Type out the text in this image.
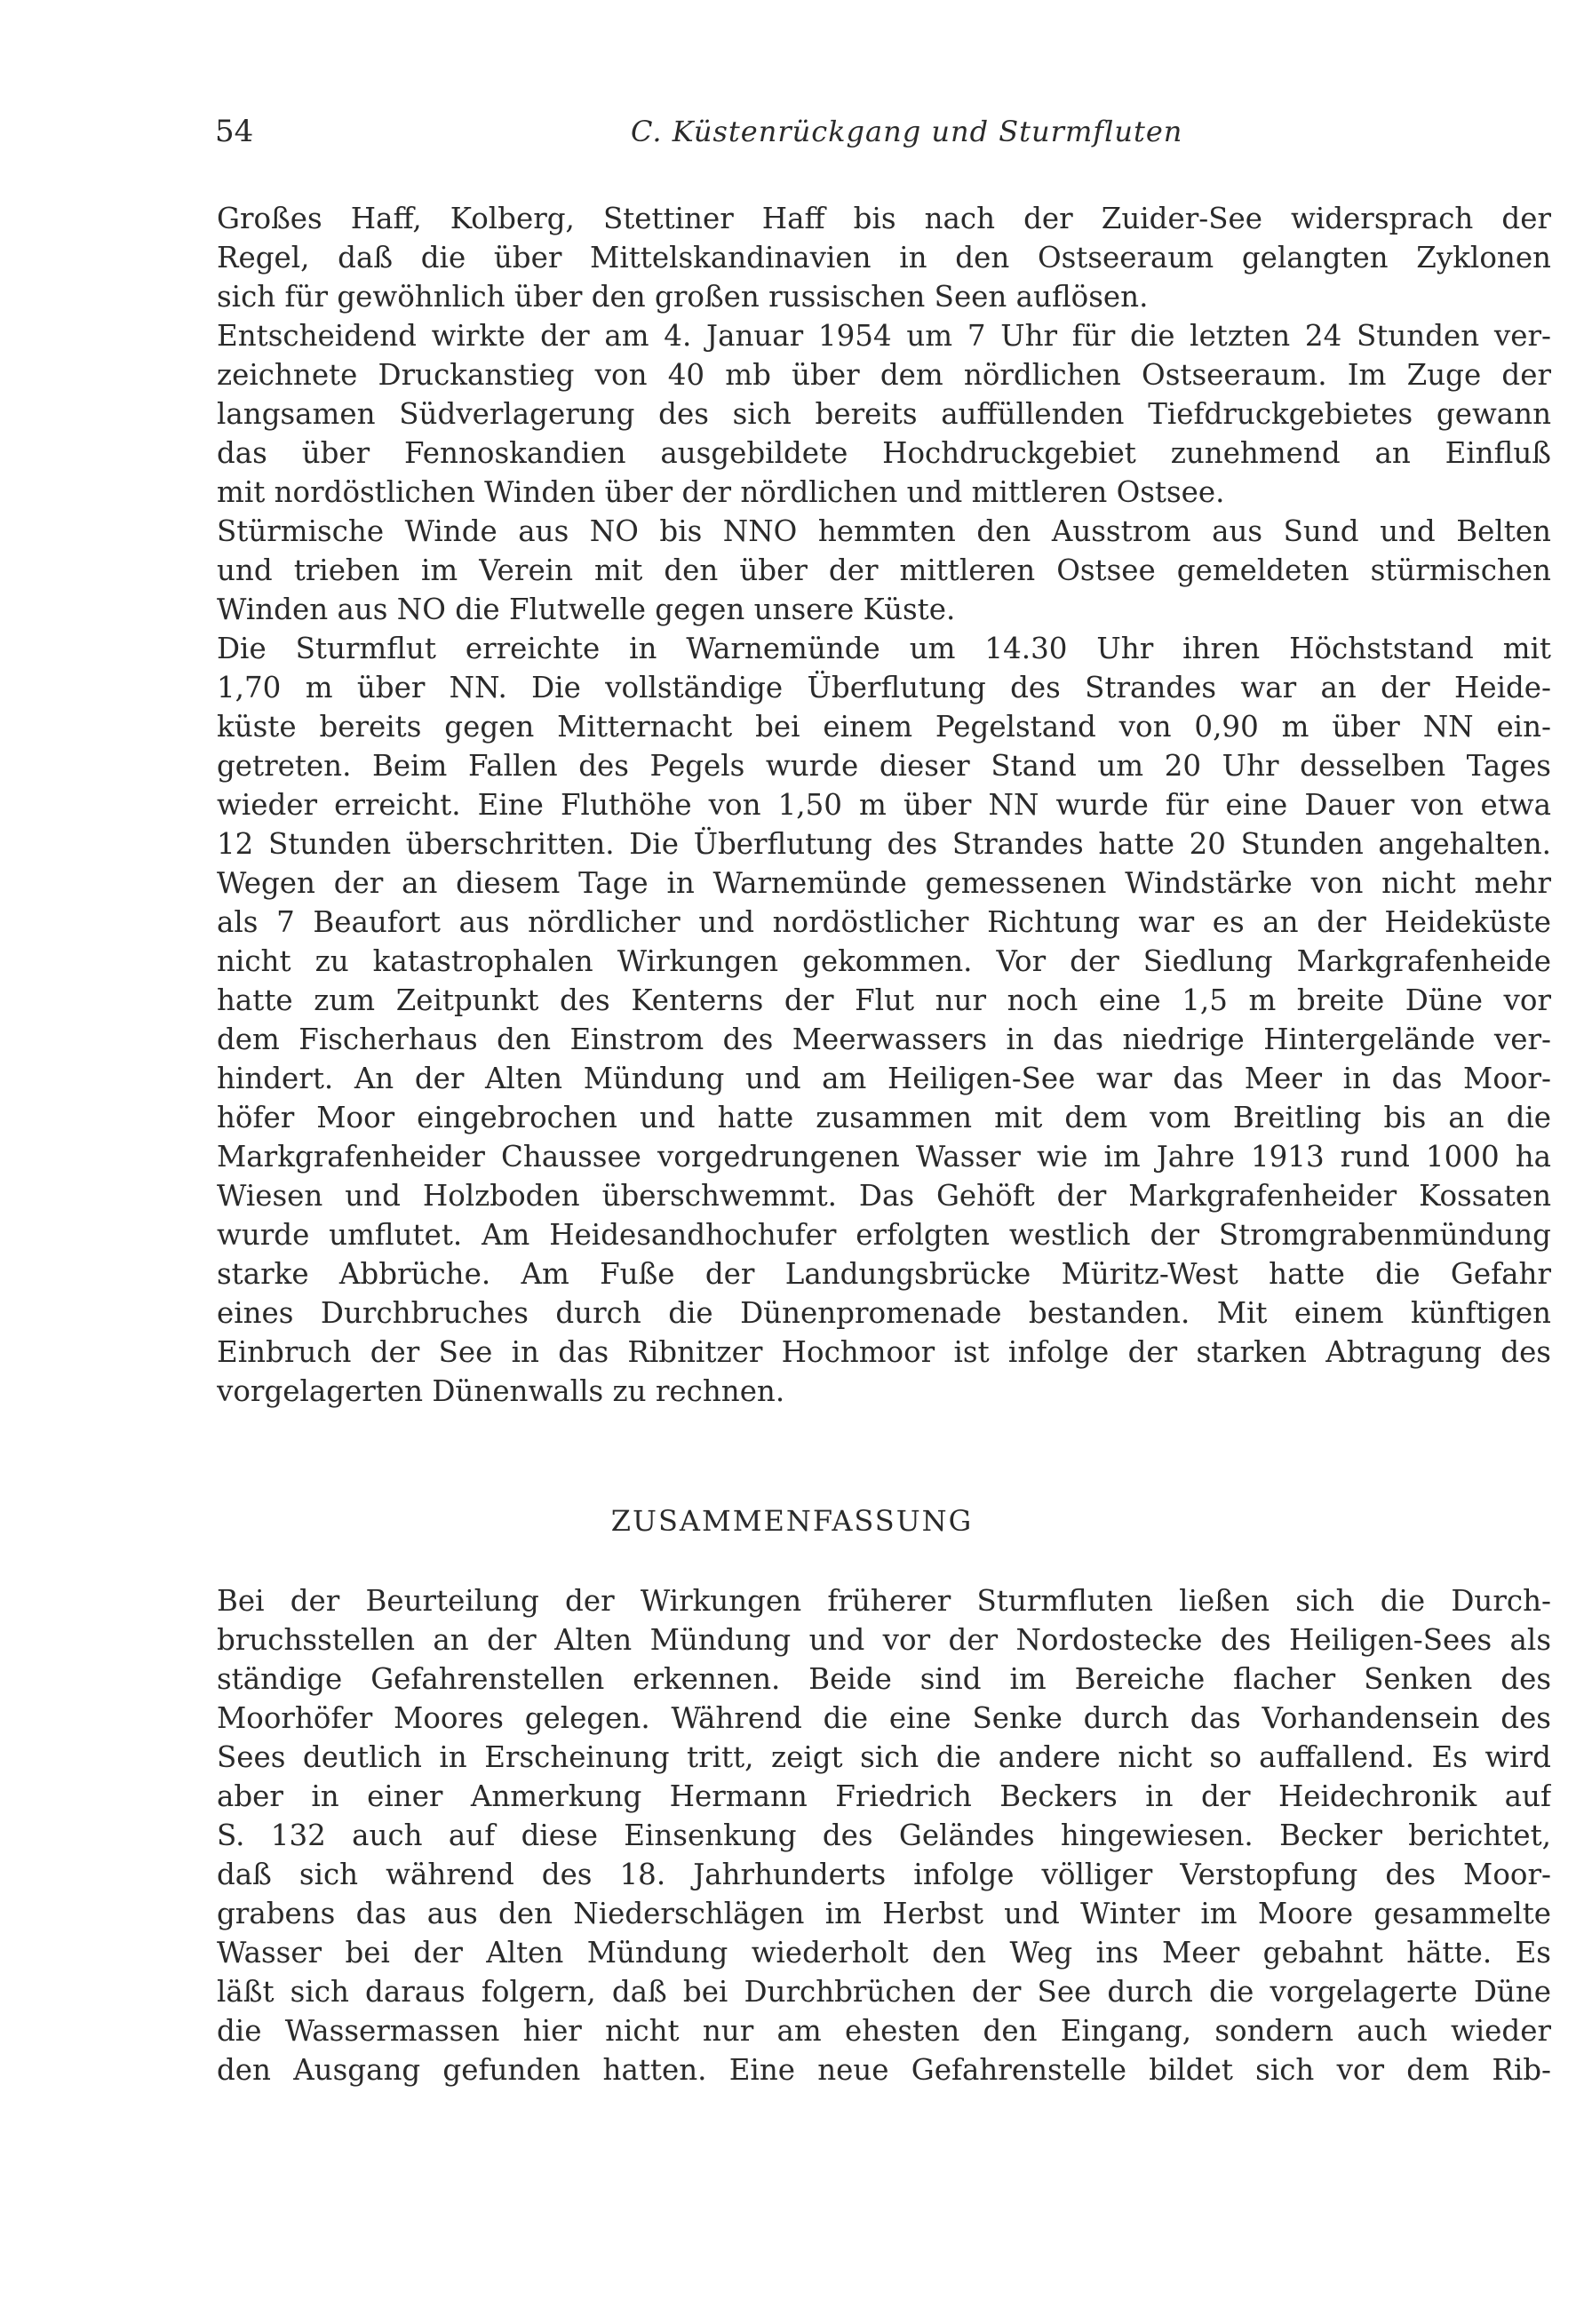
54	C. Küstenrückgang und Sturmfluten
Großes Haff, Kolberg, Stettiner Haff bis nach der Zuider-See widersprach der
Regel, daß die über Mittelskandinavien in den Ostseeraum gelangten Zyklonen
sich für gewöhnlich über den großen russischen Seen auflösen.
Entscheidend wirkte der am 4. Januar 1954 um 7 Uhr für die letzten 24 Stunden ver-
zeichnete Druckanstieg von 40 mb über dem nördlichen Ostseeraum. Im Zuge der
langsamen Südverlagerung des sich bereits auffüllenden Tiefdruckgebietes gewann
das über Fennoskandien ausgebildete Hochdruckgebiet zunehmend an Einfluß
mit nordöstlichen Winden über der nördlichen und mittleren Ostsee.
Stürmische Winde aus NO bis NNO hemmten den Ausstrom aus Sund und Belten
und trieben im Verein mit den über der mittleren Ostsee gemeldeten stürmischen
Winden aus NO die Flutwelle gegen unsere Küste.
Die Sturmflut erreichte in Warnemünde um 14.30 Uhr ihren Höchststand mit
1,70 m über NN. Die vollständige Überflutung des Strandes war an der Heide-
küste bereits gegen Mitternacht bei einem Pegelstand von 0,90 m über NN ein-
getreten. Beim Fallen des Pegels wurde dieser Stand um 20 Uhr desselben Tages
wieder erreicht. Eine Fluthöhe von 1,50 m über NN wurde für eine Dauer von etwa
12 Stunden überschritten. Die Überflutung des Strandes hatte 20 Stunden angehalten.
Wegen der an diesem Tage in Warnemünde gemessenen Windstärke von nicht mehr
als 7 Beaufort aus nördlicher und nordöstlicher Richtung war es an der Heideküste
nicht zu katastrophalen Wirkungen gekommen. Vor der Siedlung Markgrafenheide
hatte zum Zeitpunkt des Kenterns der Flut nur noch eine 1,5 m breite Düne vor
dem Fischerhaus den Einstrom des Meerwassers in das niedrige Hintergelände ver-
hindert. An der Alten Mündung und am Heiligen-See war das Meer in das Moor-
höfer Moor eingebrochen und hatte zusammen mit dem vom Breitling bis an die
Markgrafenheider Chaussee vorgedrungenen Wasser wie im Jahre 1913 rund 1000 ha
Wiesen und Holzboden überschwemmt. Das Gehöft der Markgrafenheider Kossaten
wurde umflutet. Am Heidesandhochufer erfolgten westlich der Stromgrabenmündung
starke Abbrüche. Am Fuße der Landungsbrücke Müritz-West hatte die Gefahr
eines Durchbruches durch die Dünenpromenade bestanden. Mit einem künftigen
Einbruch der See in das Ribnitzer Hochmoor ist infolge der starken Abtragung des
vorgelagerten Dünenwalls zu rechnen.
ZUSAMMENFASSUNG
Bei der Beurteilung der Wirkungen früherer Sturmfluten ließen sich die Durch-
bruchsstellen an der Alten Mündung und vor der Nordostecke des Heiligen-Sees als
ständige Gefahrenstellen erkennen. Beide sind im Bereiche flacher Senken des
Moorhöfer Moores gelegen. Während die eine Senke durch das Vorhandensein des
Sees deutlich in Erscheinung tritt, zeigt sich die andere nicht so auffallend. Es wird
aber in einer Anmerkung Hermann Friedrich Beckers in der Heidechronik auf
S. 132 auch auf diese Einsenkung des Geländes hingewiesen. Becker berichtet,
daß sich während des 18. Jahrhunderts infolge völliger Verstopfung des Moor-
grabens das aus den Niederschlägen im Herbst und Winter im Moore gesammelte
Wasser bei der Alten Mündung wiederholt den Weg ins Meer gebahnt hätte. Es
läßt sich daraus folgern, daß bei Durchbrüchen der See durch die vorgelagerte Düne
die Wassermassen hier nicht nur am ehesten den Eingang, sondern auch wieder
den Ausgang gefunden hatten. Eine neue Gefahrenstelle bildet sich vor dem Rib-
